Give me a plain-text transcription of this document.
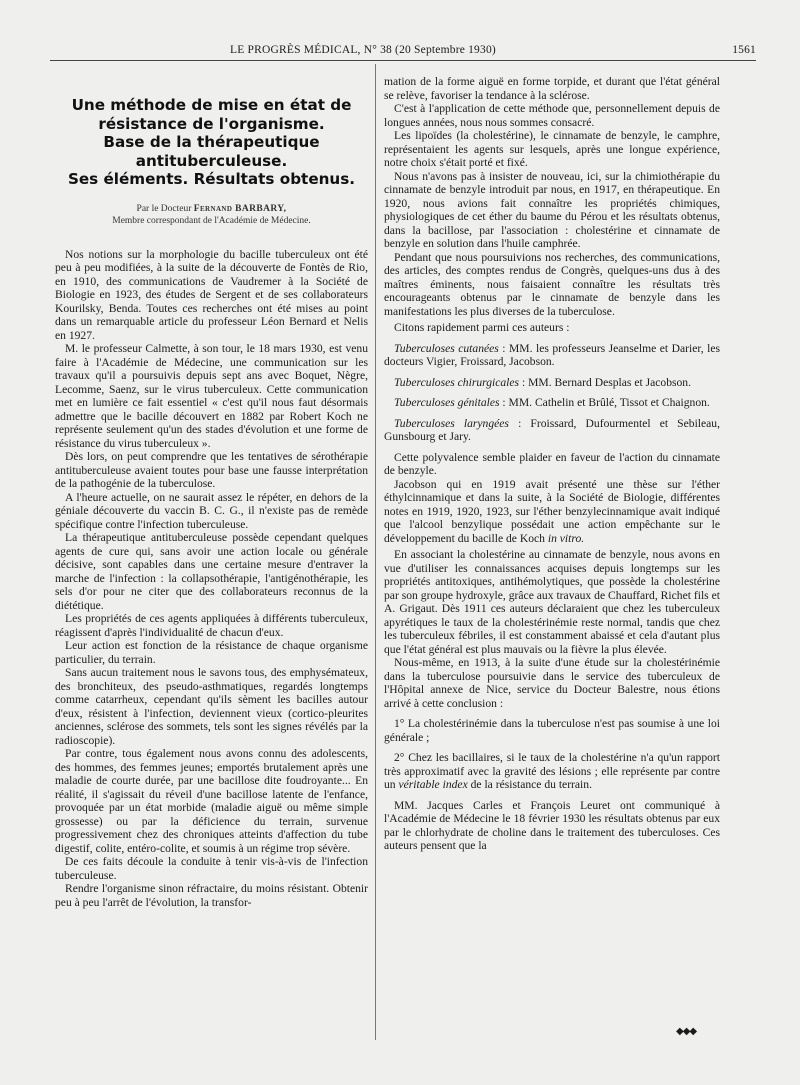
LE PROGRÈS MÉDICAL, N° 38 (20 Septembre 1930)	1561
Une méthode de mise en état de
résistance de l'organisme.
Base de la thérapeutique antituberculeuse.
Ses éléments. Résultats obtenus.
Par le Docteur Fernand BARBARY,
Membre correspondant de l'Académie de Médecine.

Nos notions sur la morphologie du bacille tuberculeux ont été peu à peu modifiées, à la suite de la découverte de Fontès de Rio, en 1910, des communications de Vaudremer à la Société de Biologie en 1923, des études de Sergent et de ses collaborateurs Kourilsky, Benda. Toutes ces recherches ont été mises au point dans un remarquable article du professeur Léon Bernard et Nelis en 1927.

M. le professeur Calmette, à son tour, le 18 mars 1930, est venu faire à l'Académie de Médecine, une communication sur les travaux qu'il a poursuivis depuis sept ans avec Boquet, Nègre, Lecomme, Saenz, sur le virus tuberculeux. Cette communication met en lumière ce fait essentiel « c'est qu'il nous faut désormais admettre que le bacille découvert en 1882 par Robert Koch ne représente seulement qu'un des stades d'évolution et une forme de résistance du virus tuberculeux ».

Dès lors, on peut comprendre que les tentatives de sérothérapie antituberculeuse avaient toutes pour base une fausse interprétation de la pathogénie de la tuberculose.

A l'heure actuelle, on ne saurait assez le répéter, en dehors de la géniale découverte du vaccin B. C. G., il n'existe pas de remède spécifique contre l'infection tuberculeuse.

La thérapeutique antituberculeuse possède cependant quelques agents de cure qui, sans avoir une action locale ou générale décisive, sont capables dans une certaine mesure d'entraver la marche de l'infection : la collapsothérapie, l'antigénothérapie, les sels d'or pour ne citer que des collaborateurs reconnus de la diététique.

Les propriétés de ces agents appliquées à différents tuberculeux, réagissent d'après l'individualité de chacun d'eux.

Leur action est fonction de la résistance de chaque organisme particulier, du terrain.

Sans aucun traitement nous le savons tous, des emphysémateux, des bronchiteux, des pseudo-asthmatiques, regardés longtemps comme catarrheux, cependant qu'ils sèment les bacilles autour d'eux, résistent à l'infection, deviennent vieux (cortico-pleurites anciennes, sclérose des sommets, tels sont les signes révélés par la radioscopie).

Par contre, tous également nous avons connu des adolescents, des hommes, des femmes jeunes; emportés brutalement après une maladie de courte durée, par une bacillose dite foudroyante... En réalité, il s'agissait du réveil d'une bacillose latente de l'enfance, provoquée par un état morbide (maladie aiguë ou même simple grossesse) ou par la déficience du terrain, survenue progressivement chez des chroniques atteints d'affection du tube digestif, colite, entéro-colite, et soumis à un régime trop sévère.

De ces faits découle la conduite à tenir vis-à-vis de l'infection tuberculeuse.

Rendre l'organisme sinon réfractaire, du moins résistant. Obtenir peu à peu l'arrêt de l'évolution, la transfor-

mation de la forme aiguë en forme torpide, et durant que l'état général se relève, favoriser la tendance à la sclérose.

C'est à l'application de cette méthode que, personnellement depuis de longues années, nous nous sommes consacré.

Les lipoïdes (la cholestérine), le cinnamate de benzyle, le camphre, représentaient les agents sur lesquels, après une longue expérience, notre choix s'était porté et fixé.

Nous n'avons pas à insister de nouveau, ici, sur la chimiothérapie du cinnamate de benzyle introduit par nous, en 1917, en thérapeutique. En 1920, nous avions fait connaître les propriétés chimiques, physiologiques de cet éther du baume du Pérou et les résultats obtenus, dans la bacillose, par l'association : cholestérine et cinnamate de benzyle en solution dans l'huile camphrée.

Pendant que nous poursuivions nos recherches, des communications, des articles, des comptes rendus de Congrès, quelques-uns dus à des maîtres éminents, nous faisaient connaître les résultats très encourageants obtenus par le cinnamate de benzyle dans les manifestations les plus diverses de la tuberculose.

Citons rapidement parmi ces auteurs :

Tuberculoses cutanées : MM. les professeurs Jeanselme et Darier, les docteurs Vigier, Froissard, Jacobson.

Tuberculoses chirurgicales : MM. Bernard Desplas et Jacobson.

Tuberculoses génitales : MM. Cathelin et Brûlé, Tissot et Chaignon.

Tuberculoses laryngées : Froissard, Dufourmentel et Sebileau, Gunsbourg et Jary.

Cette polyvalence semble plaider en faveur de l'action du cinnamate de benzyle.

Jacobson qui en 1919 avait présenté une thèse sur l'éther éthylcinnamique et dans la suite, à la Société de Biologie, différentes notes en 1919, 1920, 1923, sur l'éther benzylecinnamique avait indiqué que l'alcool benzylique possédait une action empêchante sur le développement du bacille de Koch in vitro.

En associant la cholestérine au cinnamate de benzyle, nous avons en vue d'utiliser les connaissances acquises depuis longtemps sur les propriétés antitoxiques, antihémolytiques, que possède la cholestérine par son groupe hydroxyle, grâce aux travaux de Chauffard, Richet fils et A. Grigaut. Dès 1911 ces auteurs déclaraient que chez les tuberculeux apyrétiques le taux de la cholestérinémie reste normal, tandis que chez les tuberculeux fébriles, il est constamment abaissé et cela d'autant plus que l'état général est plus mauvais ou la fièvre la plus élevée.

Nous-même, en 1913, à la suite d'une étude sur la cholestérinémie dans la tuberculose poursuivie dans le service des tuberculeux de l'Hôpital annexe de Nice, service du Docteur Balestre, nous étions arrivé à cette conclusion :

1° La cholestérinémie dans la tuberculose n'est pas soumise à une loi générale ;

2° Chez les bacillaires, si le taux de la cholestérine n'a qu'un rapport très approximatif avec la gravité des lésions ; elle représente par contre un véritable index de la résistance du terrain.

MM. Jacques Carles et François Leuret ont communiqué à l'Académie de Médecine le 18 février 1930 les résultats obtenus par eux par le chlorhydrate de choline dans le traitement des tuberculoses. Ces auteurs pensent que la

◆◆◆
